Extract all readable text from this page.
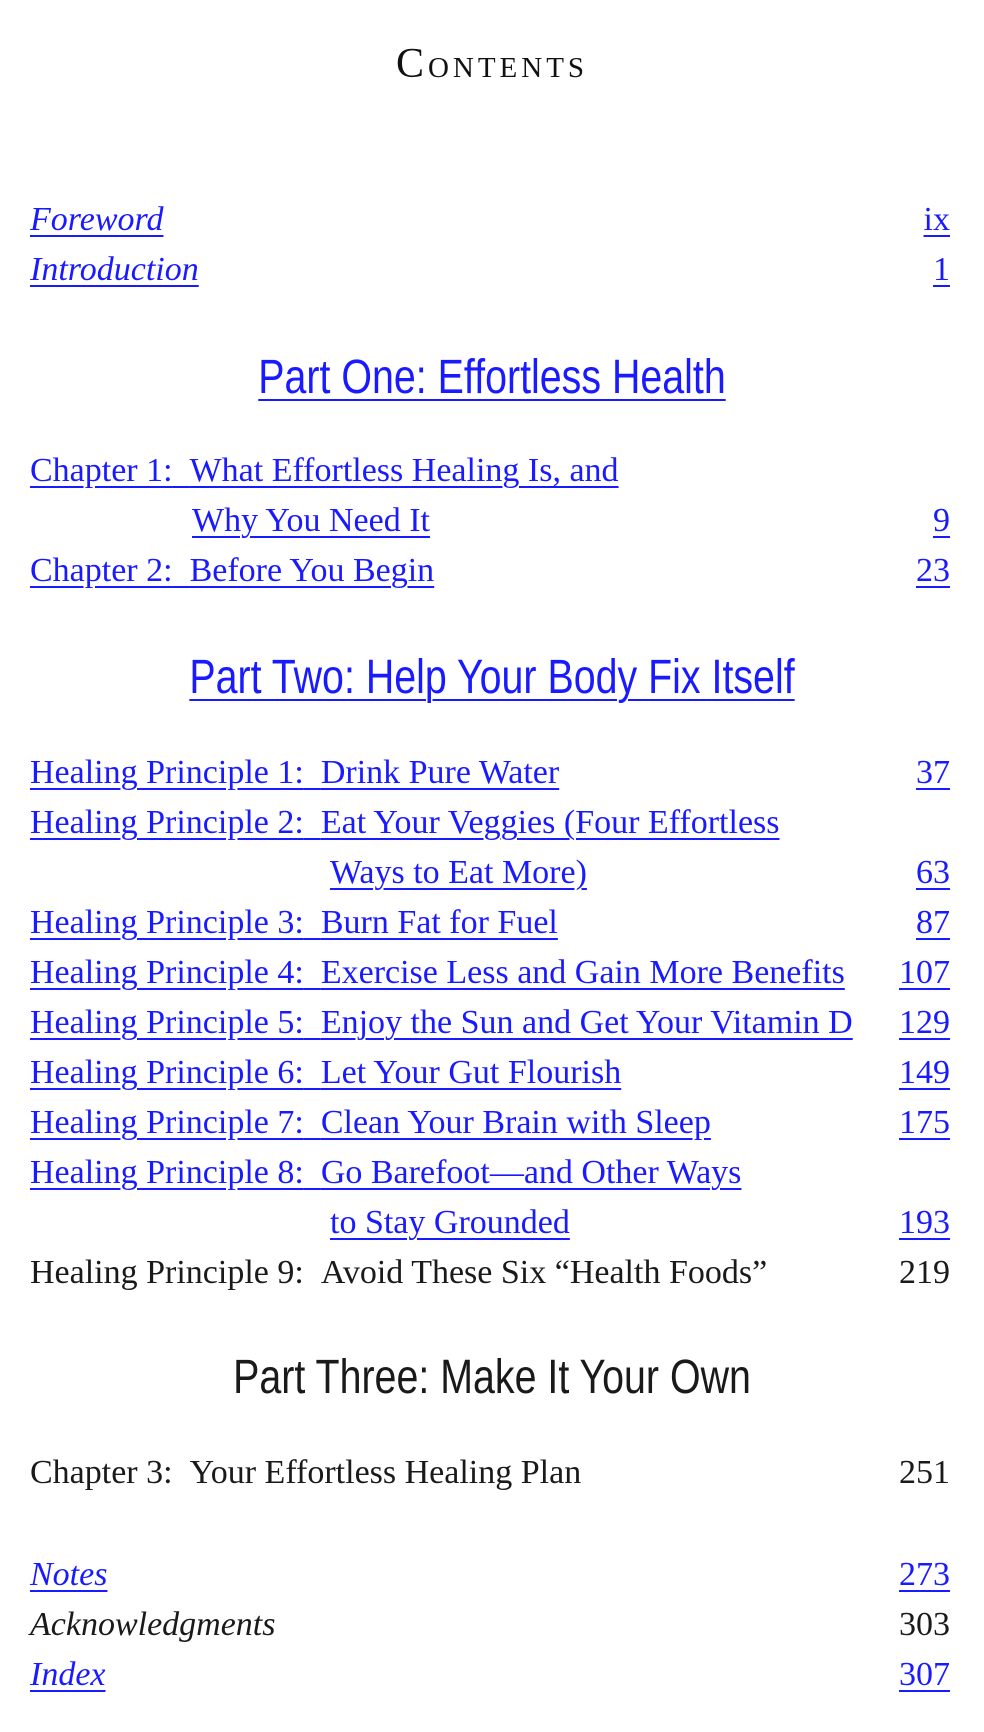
Contents
Foreword	ix
Introduction	1
Part One: Effortless Health
Chapter 1: What Effortless Healing Is, and
Why You Need It	9
Chapter 2: Before You Begin	23
Part Two: Help Your Body Fix Itself
Healing Principle 1: Drink Pure Water	37
Healing Principle 2: Eat Your Veggies (Four Effortless
Ways to Eat More)	63
Healing Principle 3: Burn Fat for Fuel	87
Healing Principle 4: Exercise Less and Gain More Benefits 107
Healing Principle 5: Enjoy the Sun and Get Your Vitamin D 129
Healing Principle 6: Let Your Gut Flourish	149
Healing Principle 7: Clean Your Brain with Sleep	175
Healing Principle 8: Go Barefoot—and Other Ways
to Stay Grounded	193
Healing Principle 9: Avoid These Six “Health Foods”	219
Part Three: Make It Your Own
Chapter 3: Your Effortless Healing Plan	251
Notes	273
Acknowledgments	303
Index	307
